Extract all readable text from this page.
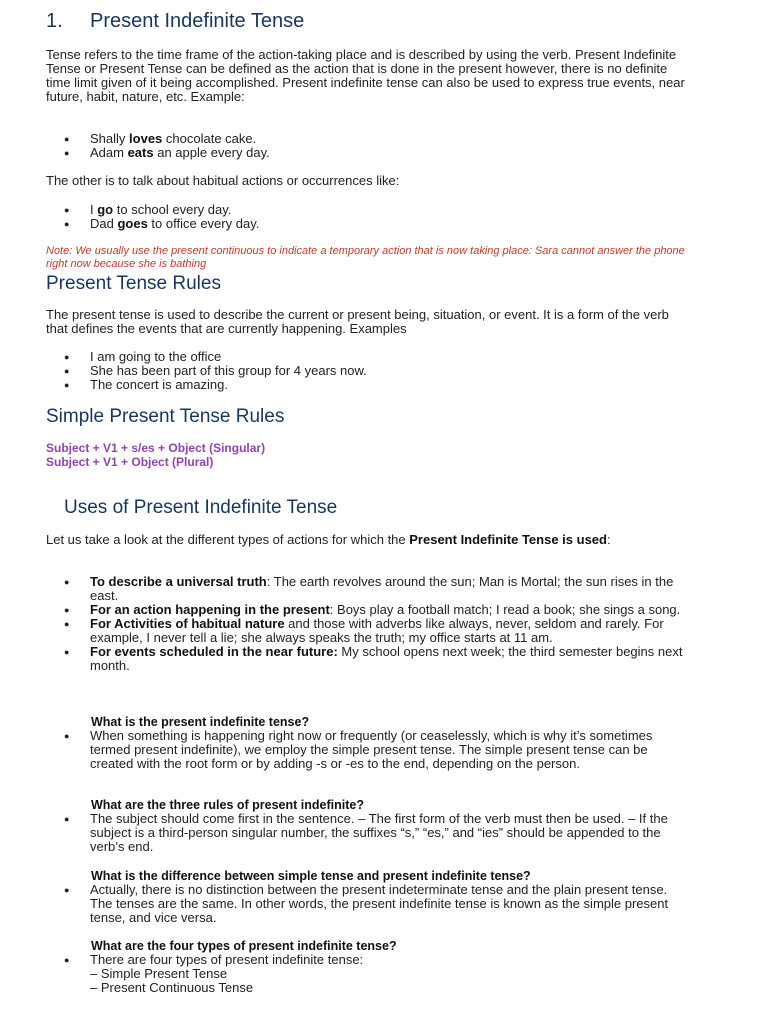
1. Present Indefinite Tense

Tense refers to the time frame of the action-taking place and is described by using the verb. Present Indefinite Tense or Present Tense can be defined as the action that is done in the present however, there is no definite time limit given of it being accomplished. Present indefinite tense can also be used to express true events, near future, habit, nature, etc. Example:

● Shally loves chocolate cake.
● Adam eats an apple every day.

The other is to talk about habitual actions or occurrences like:

● I go to school every day.
● Dad goes to office every day.

Note: We usually use the present continuous to indicate a temporary action that is now taking place: Sara cannot answer the phone right now because she is bathing

Present Tense Rules

The present tense is used to describe the current or present being, situation, or event. It is a form of the verb that defines the events that are currently happening. Examples

● I am going to the office
● She has been part of this group for 4 years now.
● The concert is amazing.
Simple Present Tense Rules

Subject + V1 + s/es + Object (Singular)

Subject + V1 + Object (Plural)

Uses of Present Indefinite Tense

Let us take a look at the different types of actions for which the Present Indefinite Tense is used:

● To describe a universal truth: The earth revolves around the sun; Man is Mortal; the sun rises in the east.
● For an action happening in the present: Boys play a football match; I read a book; she sings a song.
● For Activities of habitual nature and those with adverbs like always, never, seldom and rarely. For example, I never tell a lie; she always speaks the truth; my office starts at 11 am.
● For events scheduled in the near future: My school opens next week; the third semester begins next month.

What is the present indefinite tense?

●	When something is happening right now or frequently (or ceaselessly, which is why it’s sometimes termed present indefinite), we employ the simple present tense. The simple present tense can be created with the root form or by adding -s or -es to the end, depending on the person.

What are the three rules of present indefinite?

●	The subject should come first in the sentence. – The first form of the verb must then be used. – If the subject is a third-person singular number, the suffixes “s,” “es,” and “ies” should be appended to the verb’s end.

What is the difference between simple tense and present indefinite tense?

●	Actually, there is no distinction between the present indeterminate tense and the plain present tense. The tenses are the same. In other words, the present indefinite tense is known as the simple present tense, and vice versa.

What are the four types of present indefinite tense?

● There are four types of present indefinite tense:
– Simple Present Tense
– Present Continuous Tense
